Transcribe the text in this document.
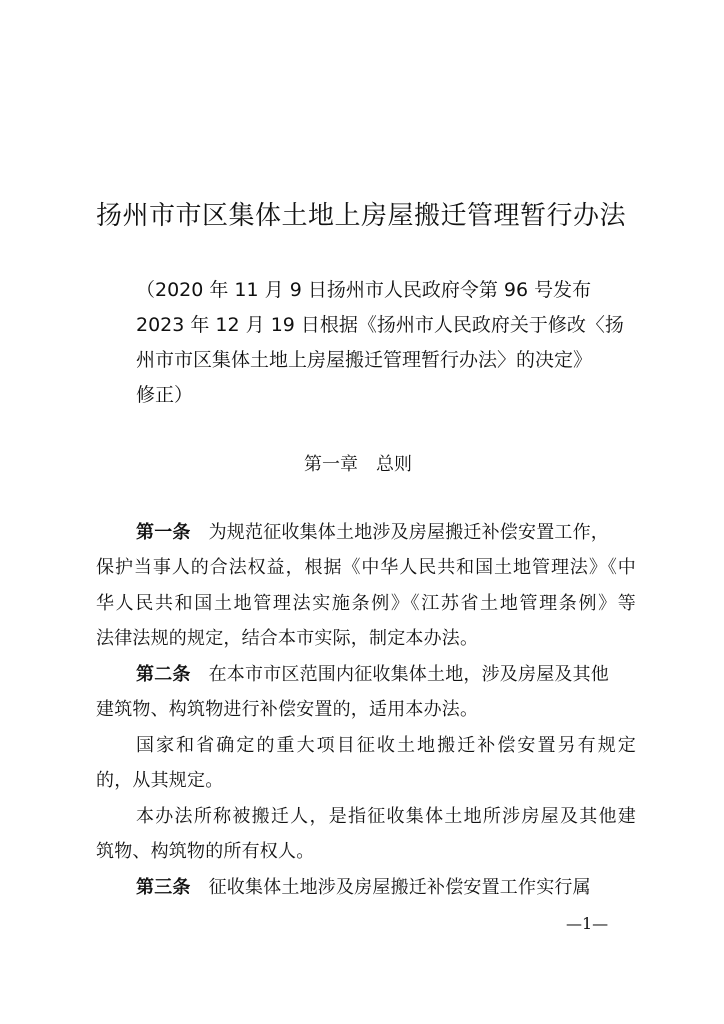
扬州市市区集体土地上房屋搬迁管理暂行办法
（2020 年 11 月 9 日扬州市人民政府令第 96 号发布
2023 年 12 月 19 日根据《扬州市人民政府关于修改〈扬
州市市区集体土地上房屋搬迁管理暂行办法〉的决定》
修正）
第一章　总则
第一条 为规范征收集体土地涉及房屋搬迁补偿安置工作，
保护当事人的合法权益，根据《中华人民共和国土地管理法》《中
华人民共和国土地管理法实施条例》《江苏省土地管理条例》等
法律法规的规定，结合本市实际，制定本办法。
第二条 在本市市区范围内征收集体土地，涉及房屋及其他
建筑物、构筑物进行补偿安置的，适用本办法。
国家和省确定的重大项目征收土地搬迁补偿安置另有规定
的，从其规定。
本办法所称被搬迁人，是指征收集体土地所涉房屋及其他建
筑物、构筑物的所有权人。
第三条 征收集体土地涉及房屋搬迁补偿安置工作实行属
—1—
